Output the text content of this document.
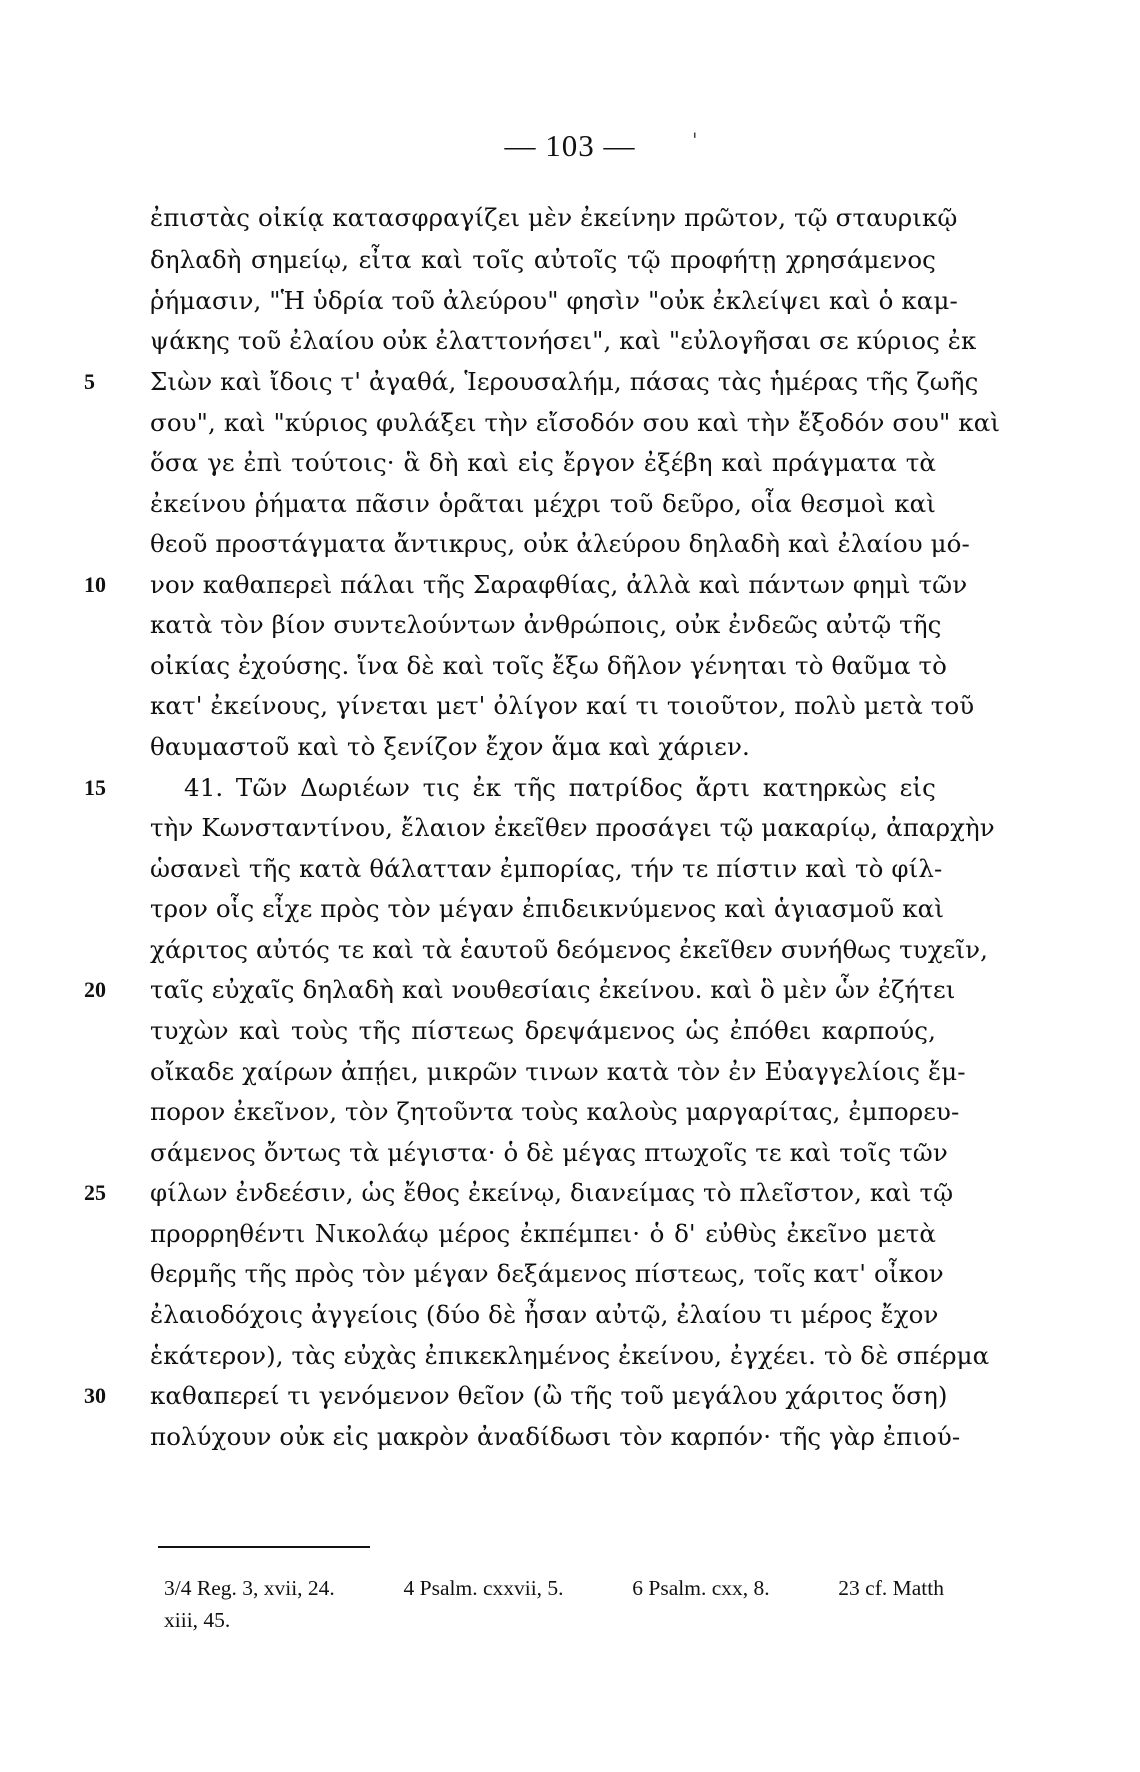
— 103 —	'
ἐπιστὰς οἰκίᾳ κατασφραγίζει μὲν ἐκείνην πρῶτον, τῷ σταυρικῷ
δηλαδὴ σημείῳ, εἶτα καὶ τοῖς αὐτοῖς τῷ προφήτῃ χρησάμενος
ῥήμασιν, "Ἡ ὑδρία τοῦ ἀλεύρου" φησὶν "οὐκ ἐκλείψει καὶ ὁ καμ-
ψάκης τοῦ ἐλαίου οὐκ ἐλαττονήσει", καὶ "εὐλογῆσαι σε κύριος ἐκ
Σιὼν καὶ ἴδοις τ' ἀγαθά, Ἱερουσαλήμ, πάσας τὰς ἡμέρας τῆς ζωῆς
σου", καὶ "κύριος φυλάξει τὴν εἴσοδόν σου καὶ τὴν ἔξοδόν σου" καὶ
ὅσα γε ἐπὶ τούτοις· ἃ δὴ καὶ εἰς ἔργον ἐξέβη καὶ πράγματα τὰ
ἐκείνου ῥήματα πᾶσιν ὁρᾶται μέχρι τοῦ δεῦρο, οἷα θεσμοὶ καὶ
θεοῦ προστάγματα ἄντικρυς, οὐκ ἀλεύρου δηλαδὴ καὶ ἐλαίου μό-
νον καθαπερεὶ πάλαι τῆς Σαραφθίας, ἀλλὰ καὶ πάντων φημὶ τῶν
κατὰ τὸν βίον συντελούντων ἀνθρώποις, οὐκ ἐνδεῶς αὐτῷ τῆς
οἰκίας ἐχούσης. ἵνα δὲ καὶ τοῖς ἔξω δῆλον γένηται τὸ θαῦμα τὸ
κατ' ἐκείνους, γίνεται μετ' ὀλίγον καί τι τοιοῦτον, πολὺ μετὰ τοῦ
θαυμαστοῦ καὶ τὸ ξενίζον ἔχον ἅμα καὶ χάριεν.
41. Τῶν Δωριέων τις ἐκ τῆς πατρίδος ἄρτι κατηρκὼς εἰς
τὴν Κωνσταντίνου, ἔλαιον ἐκεῖθεν προσάγει τῷ μακαρίῳ, ἀπαρχὴν
ὡσανεὶ τῆς κατὰ θάλατταν ἐμπορίας, τήν τε πίστιν καὶ τὸ φίλ-
τρον οἷς εἶχε πρὸς τὸν μέγαν ἐπιδεικνύμενος καὶ ἁγιασμοῦ καὶ
χάριτος αὐτός τε καὶ τὰ ἑαυτοῦ δεόμενος ἐκεῖθεν συνήθως τυχεῖν,
ταῖς εὐχαῖς δηλαδὴ καὶ νουθεσίαις ἐκείνου. καὶ ὃ μὲν ὧν ἐζήτει
τυχὼν καὶ τοὺς τῆς πίστεως δρεψάμενος ὡς ἐπόθει καρπούς,
οἴκαδε χαίρων ἀπῄει, μικρῶν τινων κατὰ τὸν ἐν Εὐαγγελίοις ἔμ-
πορον ἐκεῖνον, τὸν ζητοῦντα τοὺς καλοὺς μαργαρίτας, ἐμπορευ-
σάμενος ὄντως τὰ μέγιστα· ὁ δὲ μέγας πτωχοῖς τε καὶ τοῖς τῶν
φίλων ἐνδεέσιν, ὡς ἔθος ἐκείνῳ, διανείμας τὸ πλεῖστον, καὶ τῷ
προρρηθέντι Νικολάῳ μέρος ἐκπέμπει· ὁ δ' εὐθὺς ἐκεῖνο μετὰ
θερμῆς τῆς πρὸς τὸν μέγαν δεξάμενος πίστεως, τοῖς κατ' οἶκον
ἐλαιοδόχοις ἀγγείοις (δύο δὲ ἦσαν αὐτῷ, ἐλαίου τι μέρος ἔχον
ἑκάτερον), τὰς εὐχὰς ἐπικεκλημένος ἐκείνου, ἐγχέει. τὸ δὲ σπέρμα
καθαπερεί τι γενόμενον θεῖον (ὢ τῆς τοῦ μεγάλου χάριτος ὅση)
πολύχουν οὐκ εἰς μακρὸν ἀναδίδωσι τὸν καρπόν· τῆς γὰρ ἐπιού-
5
10
15
20
25
30
3/4 Reg. 3, xvii, 24.	4 Psalm. cxxvii, 5.	6 Psalm. cxx, 8.	23 cf. Matth
xiii, 45.
